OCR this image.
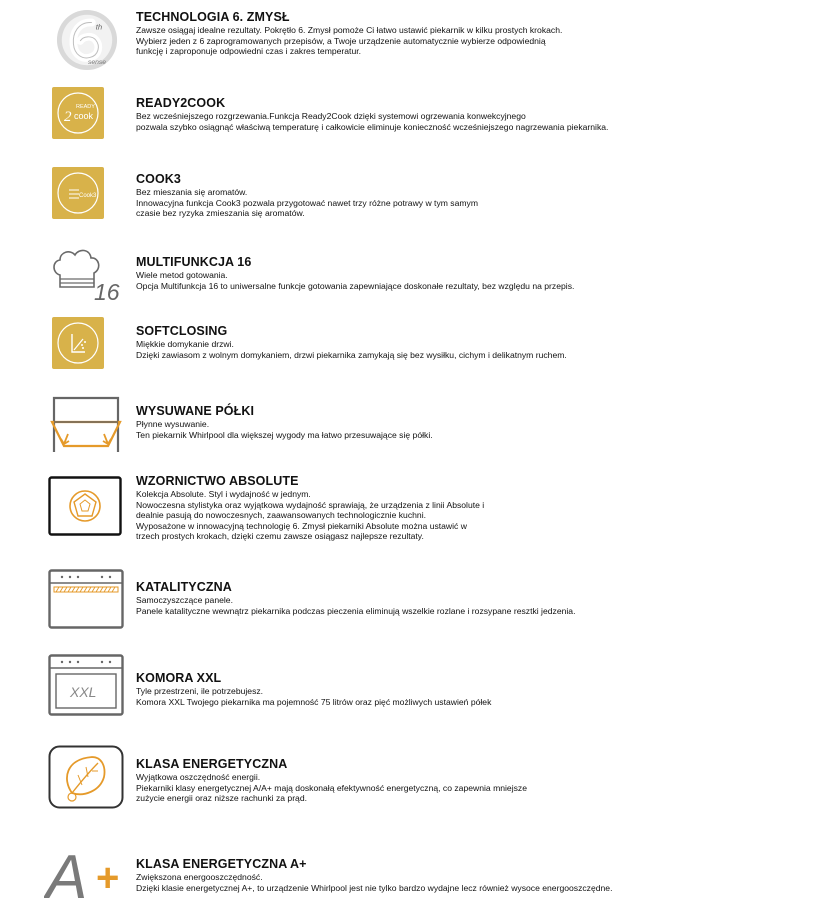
th
sense
TECHNOLOGIA 6. ZMYSŁ
Zawsze osiągaj idealne rezultaty. Pokrętło 6. Zmysł pomoże Ci łatwo ustawić piekarnik w kilku prostych krokach.
Wybierz jeden z 6 zaprogramowanych przepisów, a Twoje urządzenie automatycznie wybierze odpowiednią
funkcję i zaproponuje odpowiedni czas i zakres temperatur.
READY
2 cook
READY2COOK
Bez wcześniejszego rozgrzewania.Funkcja Ready2Cook dzięki systemowi ogrzewania konwekcyjnego
pozwala szybko osiągnąć właściwą temperaturę i całkowicie eliminuje konieczność wcześniejszego nagrzewania piekarnika.
Cook3
COOK3
Bez mieszania się aromatów.
Innowacyjna funkcja Cook3 pozwala przygotować nawet trzy różne potrawy w tym samym
czasie bez ryzyka zmieszania się aromatów.
16
MULTIFUNKCJA 16
Wiele metod gotowania.
Opcja Multifunkcja 16 to uniwersalne funkcje gotowania zapewniające doskonałe rezultaty, bez względu na przepis.
SOFTCLOSING
Miękkie domykanie drzwi.
Dzięki zawiasom z wolnym domykaniem, drzwi piekarnika zamykają się bez wysiłku, cichym i delikatnym ruchem.
WYSUWANE PÓŁKI
Płynne wysuwanie.
Ten piekarnik Whirlpool dla większej wygody ma łatwo przesuwające się półki.
WZORNICTWO ABSOLUTE
Kolekcja Absolute. Styl i wydajność w jednym.
Nowoczesna stylistyka oraz wyjątkowa wydajność sprawiają, że urządzenia z linii Absolute i
dealnie pasują do nowoczesnych, zaawansowanych technologicznie kuchni.
Wyposażone w innowacyjną technologię 6. Zmysł piekarniki Absolute można ustawić w
trzech prostych krokach, dzięki czemu zawsze osiągasz najlepsze rezultaty.
KATALITYCZNA
Samoczyszczące panele.
Panele katalityczne wewnątrz piekarnika podczas pieczenia eliminują wszelkie rozlane i rozsypane resztki jedzenia.
XXL
KOMORA XXL
Tyle przestrzeni, ile potrzebujesz.
Komora XXL Twojego piekarnika ma pojemność 75 litrów oraz pięć możliwych ustawień półek
KLASA ENERGETYCZNA
Wyjątkowa oszczędność energii.
Piekarniki klasy energetycznej A/A+ mają doskonałą efektywność energetyczną, co zapewnia mniejsze
zużycie energii oraz niższe rachunki za prąd.
A + KLASA ENERGETYCZNA A+
Zwiększona energooszczędność.
Dzięki klasie energetycznej A+, to urządzenie Whirlpool jest nie tylko bardzo wydajne lecz również wysoce energooszczędne.
